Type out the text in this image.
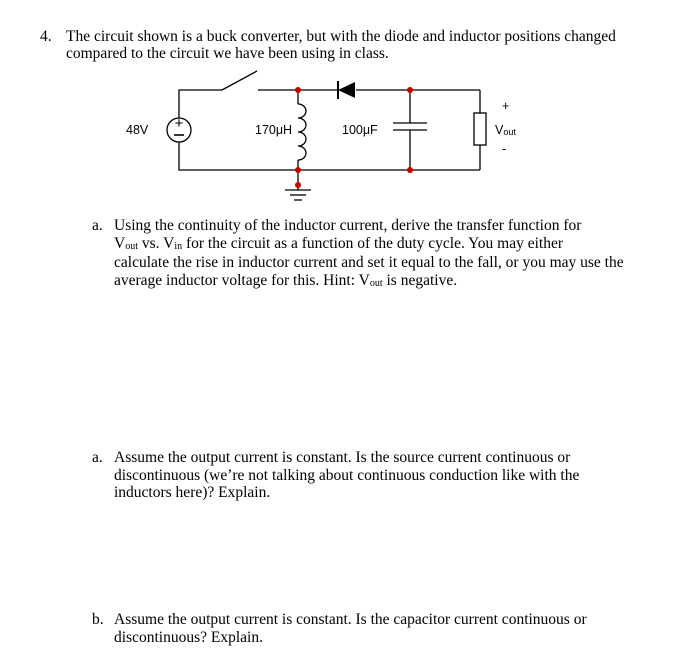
4. The circuit shown is a buck converter, but with the diode and inductor positions changed
compared to the circuit we have been using in class.
+
48V	170μH	100μF
+
Vout
-
a. Using the continuity of the inductor current, derive the transfer function for
Vout vs. Vin for the circuit as a function of the duty cycle. You may either
calculate the rise in inductor current and set it equal to the fall, or you may use the
average inductor voltage for this. Hint: Vout is negative.
a. Assume the output current is constant. Is the source current continuous or
discontinuous (we’re not talking about continuous conduction like with the
inductors here)? Explain.
b. Assume the output current is constant. Is the capacitor current continuous or
discontinuous? Explain.
